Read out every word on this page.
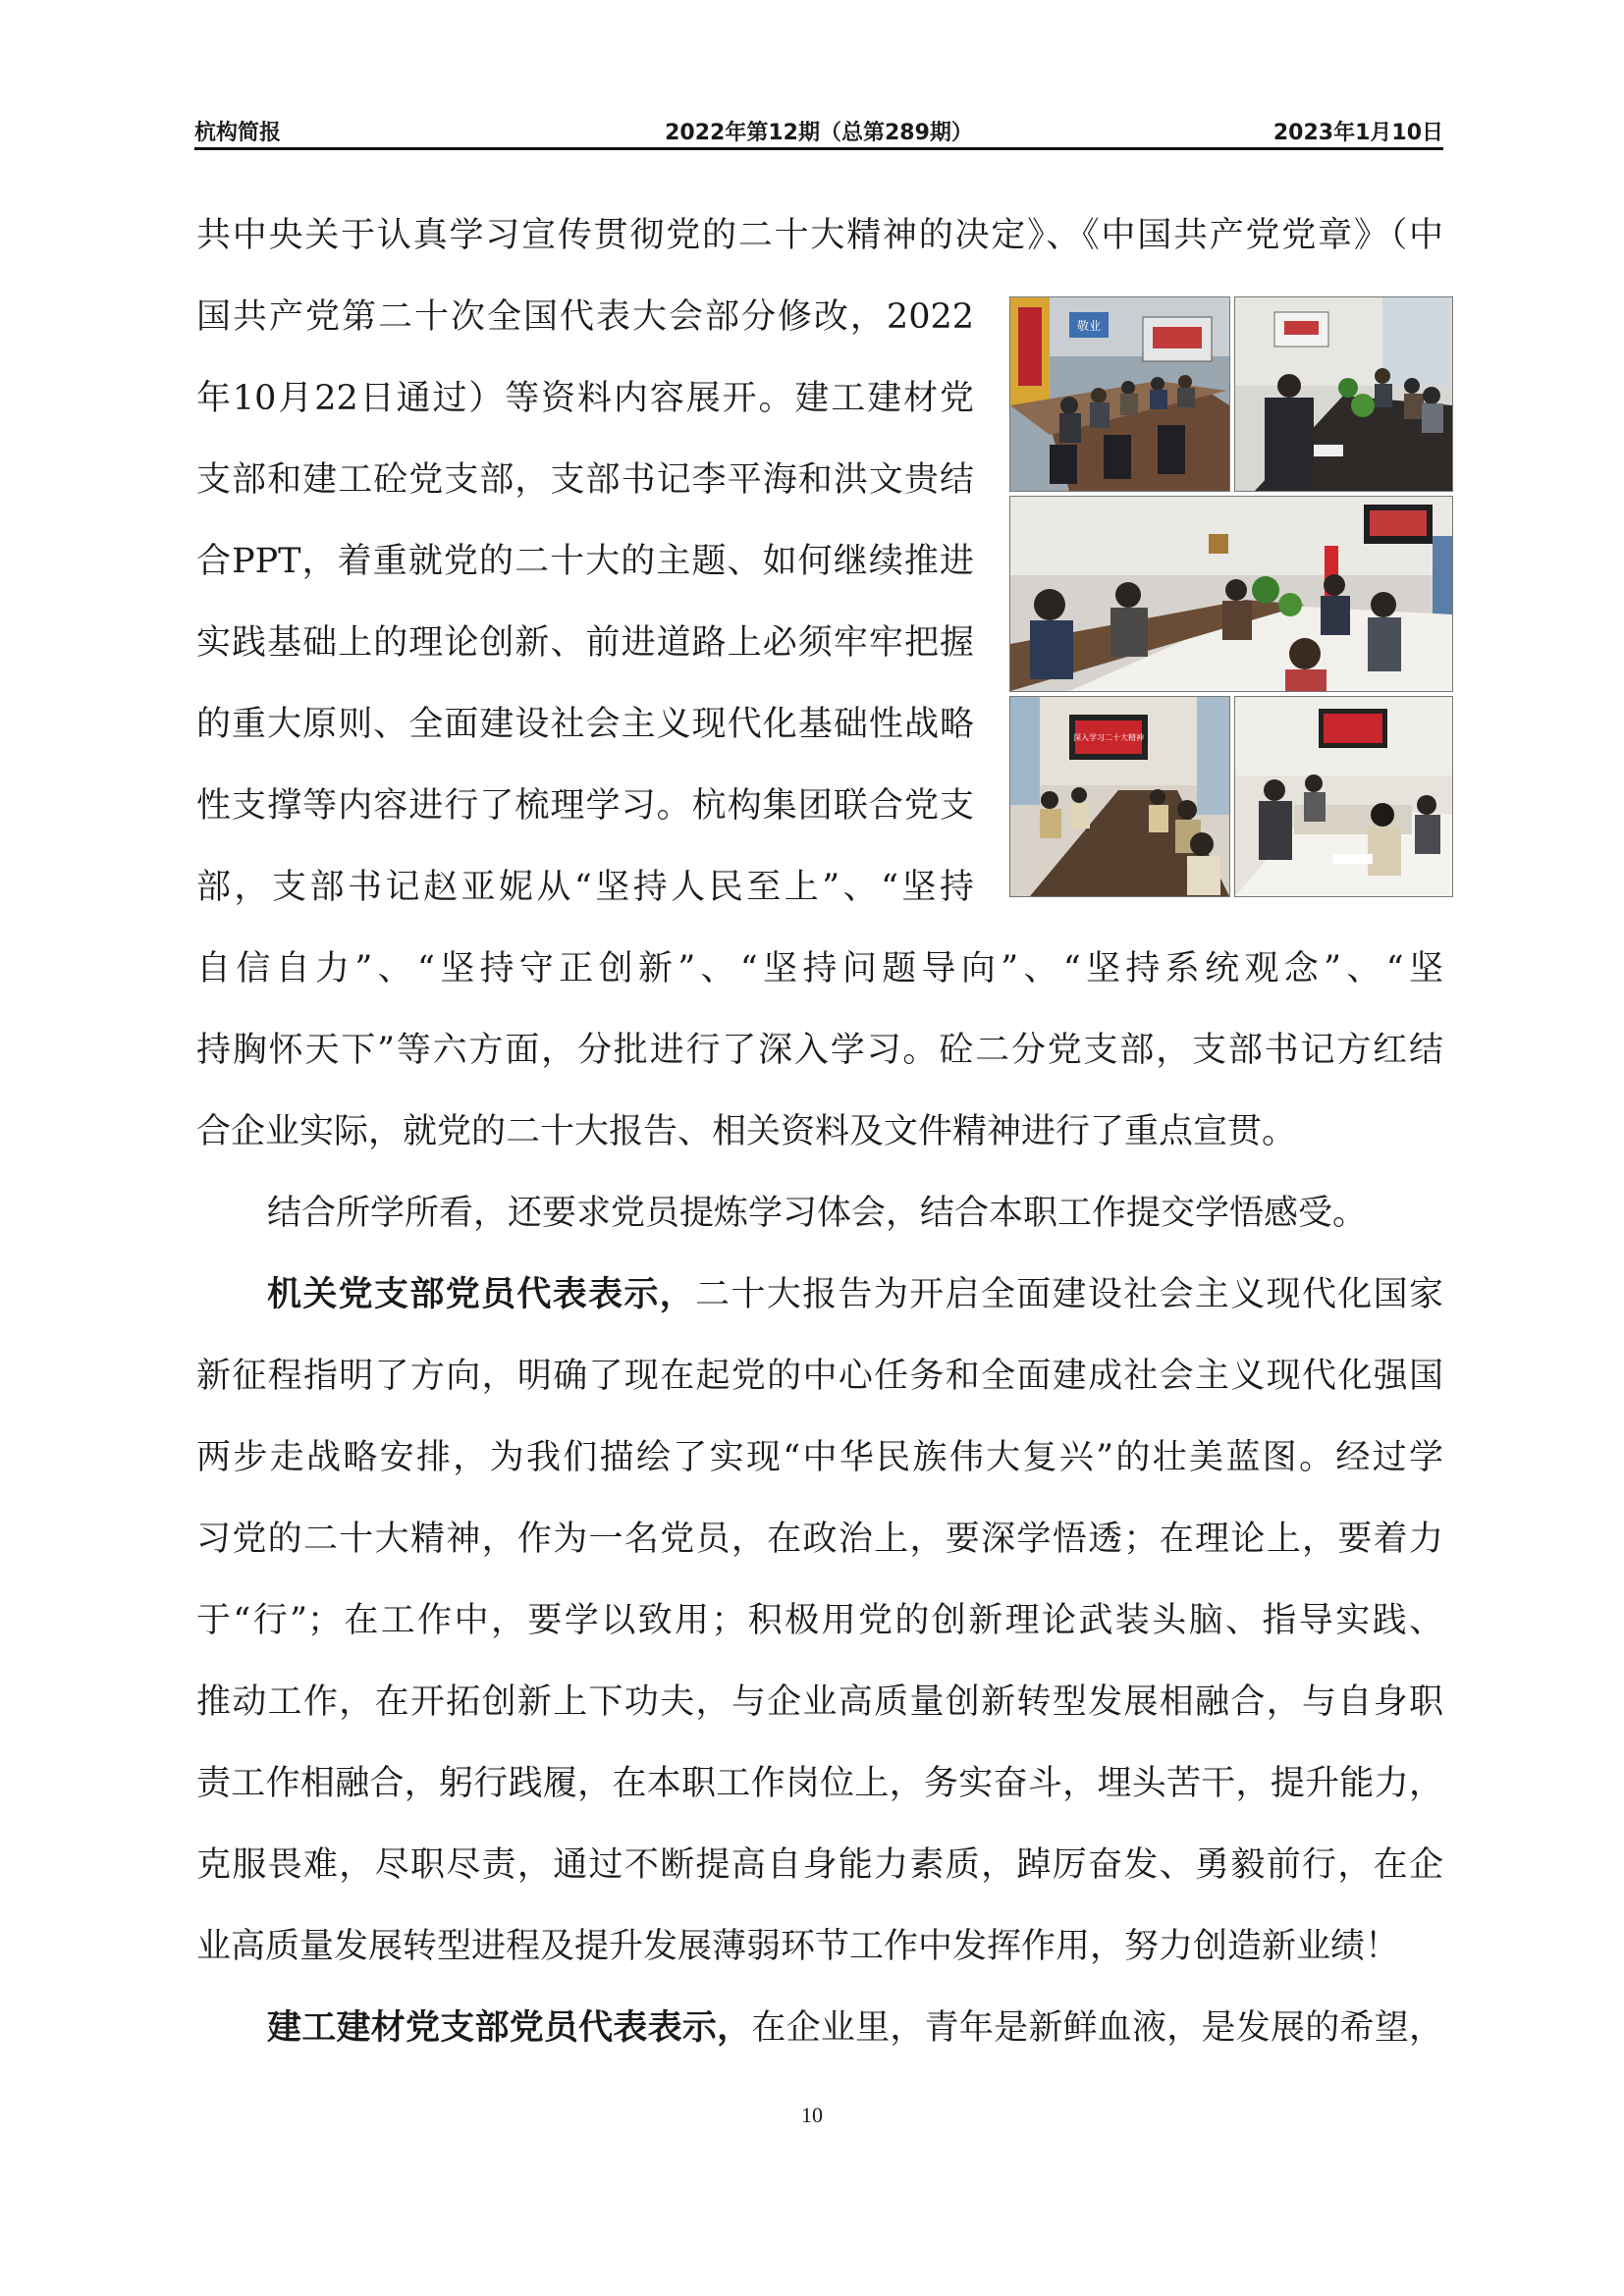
杭构简报	2022年第12期（总第289期）	2023年1月10日
共中央关于认真学习宣传贯彻党的二十大精神的决定》、《中国共产党党章》（中
国共产党第二十次全国代表大会部分修改，2022
年10月22日通过）等资料内容展开。建工建材党
支部和建工砼党支部，支部书记李平海和洪文贵结
合PPT，着重就党的二十大的主题、如何继续推进
实践基础上的理论创新、前进道路上必须牢牢把握
的重大原则、全面建设社会主义现代化基础性战略
性支撑等内容进行了梳理学习。杭构集团联合党支
部，支部书记赵亚妮从“坚持人民至上”、“坚持
自信自力”、“坚持守正创新”、“坚持问题导向”、“坚持系统观念”、“坚
持胸怀天下”等六方面，分批进行了深入学习。砼二分党支部，支部书记方红结
合企业实际，就党的二十大报告、相关资料及文件精神进行了重点宣贯。
结合所学所看，还要求党员提炼学习体会，结合本职工作提交学悟感受。
机关党支部党员代表表示，二十大报告为开启全面建设社会主义现代化国家
新征程指明了方向，明确了现在起党的中心任务和全面建成社会主义现代化强国
两步走战略安排，为我们描绘了实现“中华民族伟大复兴”的壮美蓝图。经过学
习党的二十大精神，作为一名党员，在政治上，要深学悟透；在理论上，要着力
于“行”；在工作中，要学以致用；积极用党的创新理论武装头脑、指导实践、
推动工作，在开拓创新上下功夫，与企业高质量创新转型发展相融合，与自身职
责工作相融合，躬行践履，在本职工作岗位上，务实奋斗，埋头苦干，提升能力，
克服畏难，尽职尽责，通过不断提高自身能力素质，踔厉奋发、勇毅前行，在企
业高质量发展转型进程及提升发展薄弱环节工作中发挥作用，努力创造新业绩！
建工建材党支部党员代表表示，在企业里，青年是新鲜血液，是发展的希望，
敬业
深入学习二十大精神
10
